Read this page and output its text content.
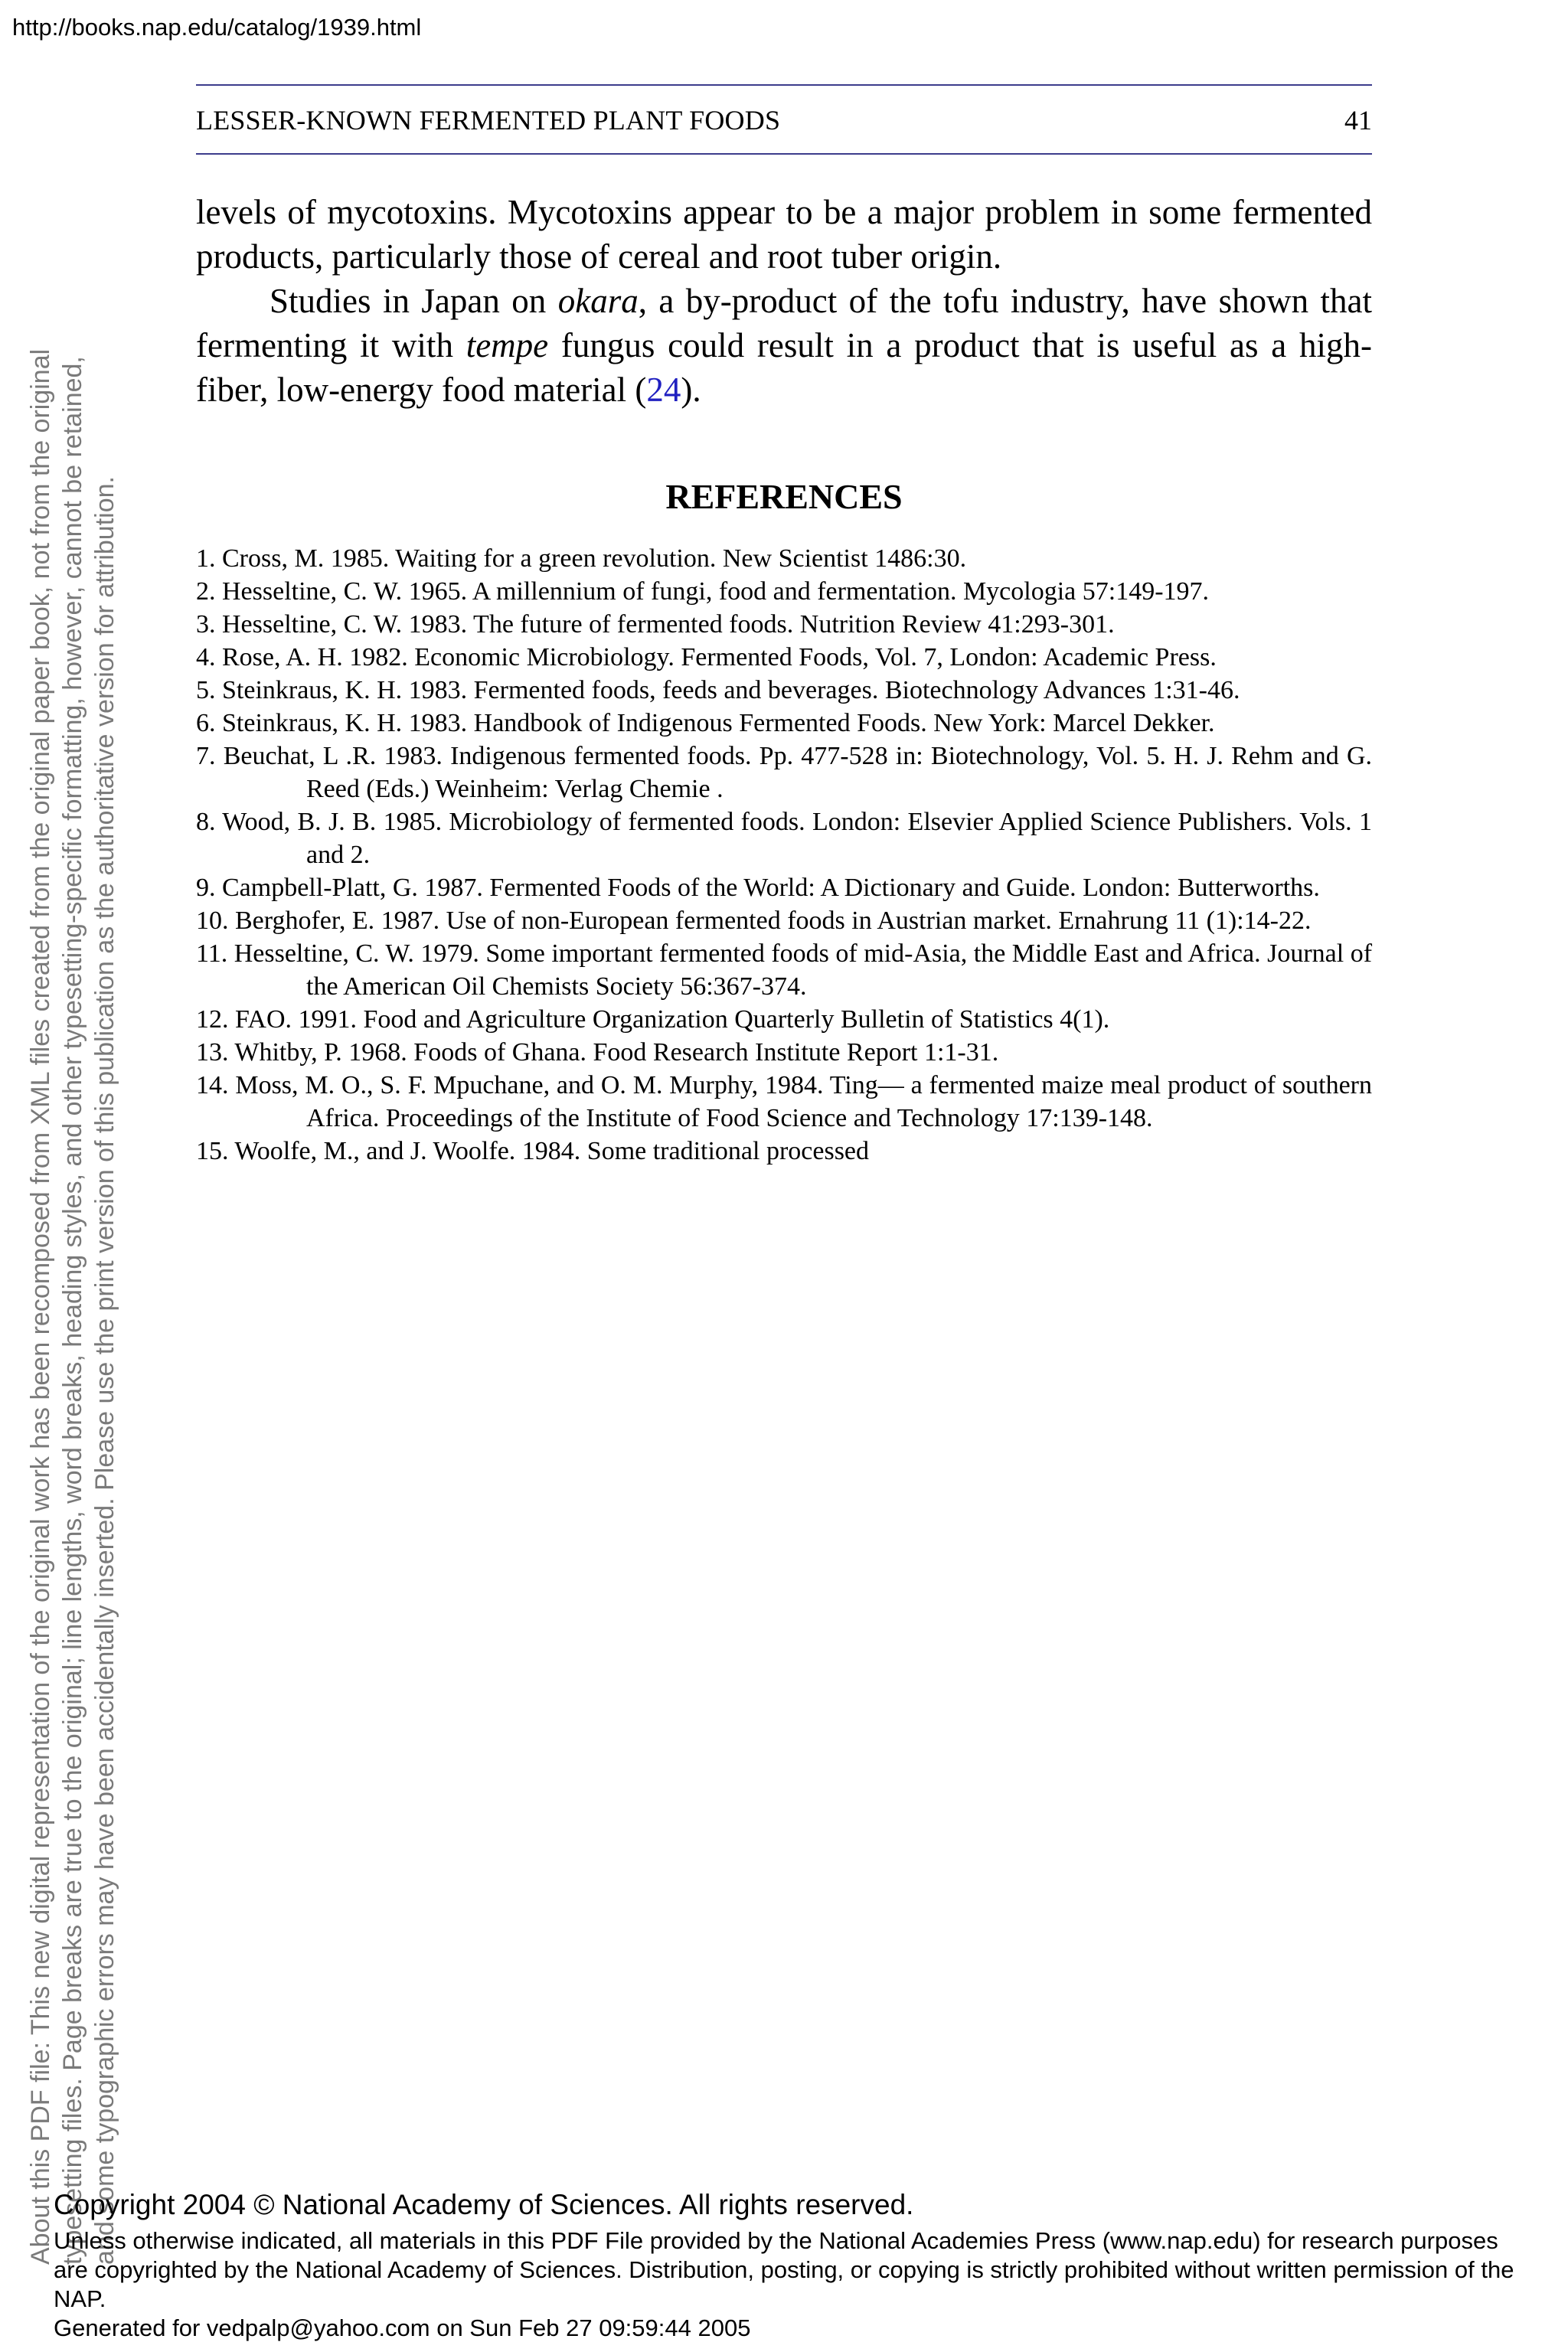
http://books.nap.edu/catalog/1939.html
About this PDF file: This new digital representation of the original work has been recomposed from XML files created from the original paper book, not from the original typesetting files. Page breaks are true to the original; line lengths, word breaks, heading styles, and other typesetting-specific formatting, however, cannot be retained, and some typographic errors may have been accidentally inserted. Please use the print version of this publication as the authoritative version for attribution.
LESSER-KNOWN FERMENTED PLANT FOODS	41

levels of mycotoxins. Mycotoxins appear to be a major problem in some fermented products, particularly those of cereal and root tuber origin.

Studies in Japan on okara, a by-product of the tofu industry, have shown that fermenting it with tempe fungus could result in a product that is useful as a high-fiber, low-energy food material (24).

REFERENCES
1. Cross, M. 1985. Waiting for a green revolution. New Scientist 1486:30.
2. Hesseltine, C. W. 1965. A millennium of fungi, food and fermentation. Mycologia 57:149-197.
3. Hesseltine, C. W. 1983. The future of fermented foods. Nutrition Review 41:293-301.
4. Rose, A. H. 1982. Economic Microbiology. Fermented Foods, Vol. 7, London: Academic Press.
5. Steinkraus, K. H. 1983. Fermented foods, feeds and beverages. Biotechnology Advances 1:31-46.
6. Steinkraus, K. H. 1983. Handbook of Indigenous Fermented Foods. New York: Marcel Dekker.
7. Beuchat, L .R. 1983. Indigenous fermented foods. Pp. 477-528 in: Biotechnology, Vol. 5. H. J. Rehm and G. Reed (Eds.) Weinheim: Verlag Chemie .
8. Wood, B. J. B. 1985. Microbiology of fermented foods. London: Elsevier Applied Science Publishers. Vols. 1 and 2.
9. Campbell-Platt, G. 1987. Fermented Foods of the World: A Dictionary and Guide. London: Butterworths.
10. Berghofer, E. 1987. Use of non-European fermented foods in Austrian market. Ernahrung 11 (1):14-22.
11. Hesseltine, C. W. 1979. Some important fermented foods of mid-Asia, the Middle East and Africa. Journal of the American Oil Chemists Society 56:367-374.
12. FAO. 1991. Food and Agriculture Organization Quarterly Bulletin of Statistics 4(1).
13. Whitby, P. 1968. Foods of Ghana. Food Research Institute Report 1:1-31.
14. Moss, M. O., S. F. Mpuchane, and O. M. Murphy, 1984. Ting— a fermented maize meal product of southern Africa. Proceedings of the Institute of Food Science and Technology 17:139-148.
15. Woolfe, M., and J. Woolfe. 1984. Some traditional processed
Copyright 2004 © National Academy of Sciences. All rights reserved.
Unless otherwise indicated, all materials in this PDF File provided by the National Academies Press (www.nap.edu) for research purposes are copyrighted by the National Academy of Sciences. Distribution, posting, or copying is strictly prohibited without written permission of the NAP.
Generated for vedpalp@yahoo.com on Sun Feb 27 09:59:44 2005
